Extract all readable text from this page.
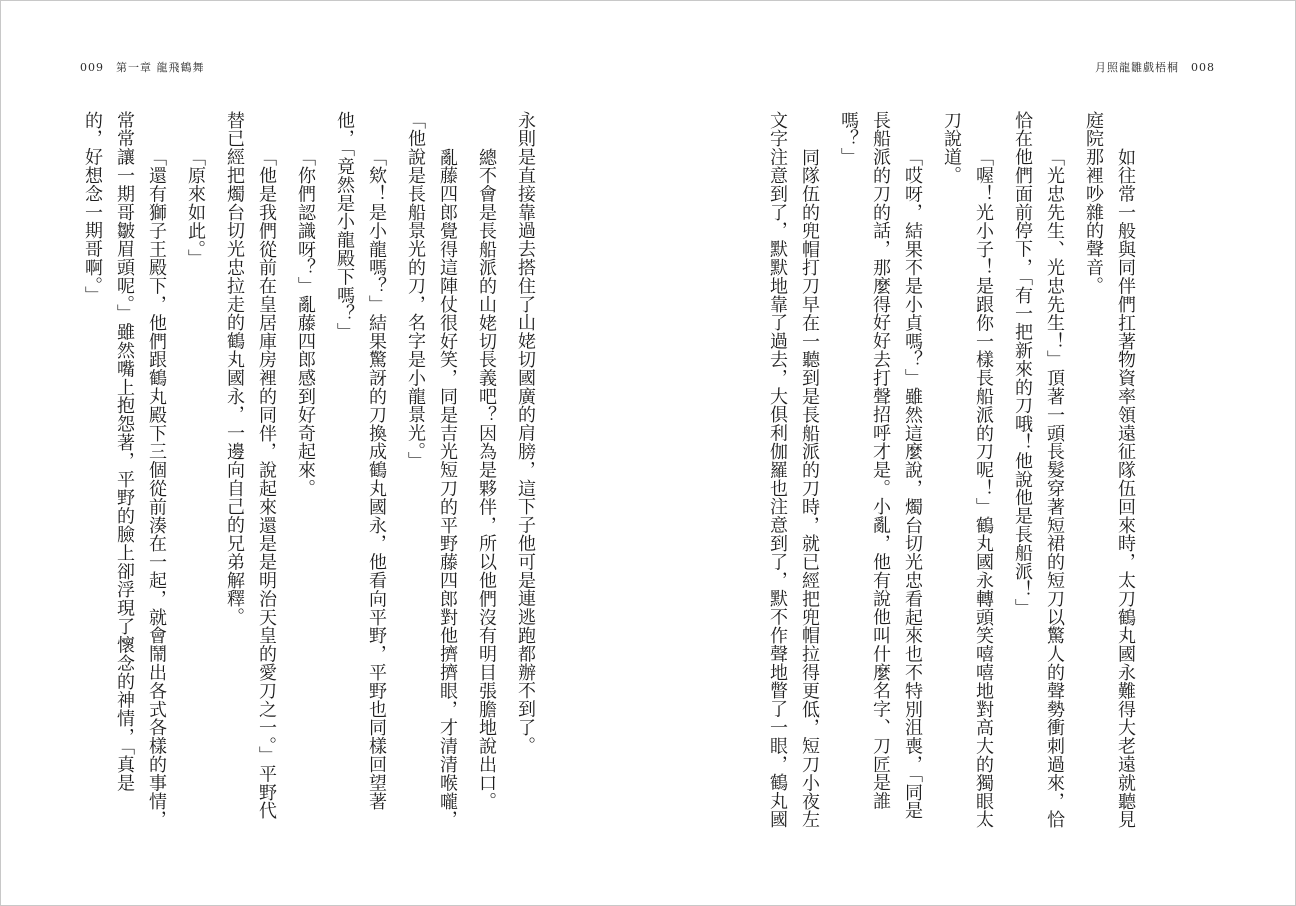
009 第一章 龍飛鶴舞
永則是直接靠過去搭住了山姥切國廣的肩膀，這下子他可是連逃跑都辦不到了。
總不會是長船派的山姥切長義吧？因為是夥伴，所以他們沒有明目張膽地說出口。
亂藤四郎覺得這陣仗很好笑，同是吉光短刀的平野藤四郎對他擠擠眼，才清清喉嚨，
「他說是長船景光的刀，名字是小龍景光。」
「欸！是小龍嗎？」結果驚訝的刀換成鶴丸國永，他看向平野，平野也同樣回望著
他，「竟然是小龍殿下嗎？」
「你們認識呀？」亂藤四郎感到好奇起來。
「他是我們從前在皇居庫房裡的同伴，說起來還是是明治天皇的愛刀之一。」平野代
替已經把燭台切光忠拉走的鶴丸國永，一邊向自己的兄弟解釋。
「原來如此。」
「還有獅子王殿下，他們跟鶴丸殿下三個從前湊在一起，就會鬧出各式各樣的事情，
常常讓一期哥皺眉頭呢。」雖然嘴上抱怨著，平野的臉上卻浮現了懷念的神情，「真是
的，好想念一期哥啊。」
月照龍雛戲梧桐 008
如往常一般與同伴們扛著物資率領遠征隊伍回來時，太刀鶴丸國永難得大老遠就聽見
庭院那裡吵雜的聲音。
「光忠先生、光忠先生！」頂著一頭長髮穿著短裙的短刀以驚人的聲勢衝刺過來，恰
恰在他們面前停下，「有一把新來的刀哦！他說他是長船派！」
「喔！光小子！是跟你一樣長船派的刀呢！」鶴丸國永轉頭笑嘻嘻地對高大的獨眼太
刀說道。
「哎呀，結果不是小貞嗎？」雖然這麼說，燭台切光忠看起來也不特別沮喪，「同是
長船派的刀的話，那麼得好好去打聲招呼才是。小亂，他有說他叫什麼名字、刀匠是誰
嗎？」
同隊伍的兜帽打刀早在一聽到是長船派的刀時，就已經把兜帽拉得更低，短刀小夜左
文字注意到了，默默地靠了過去，大俱利伽羅也注意到了，默不作聲地瞥了一眼，鶴丸國
